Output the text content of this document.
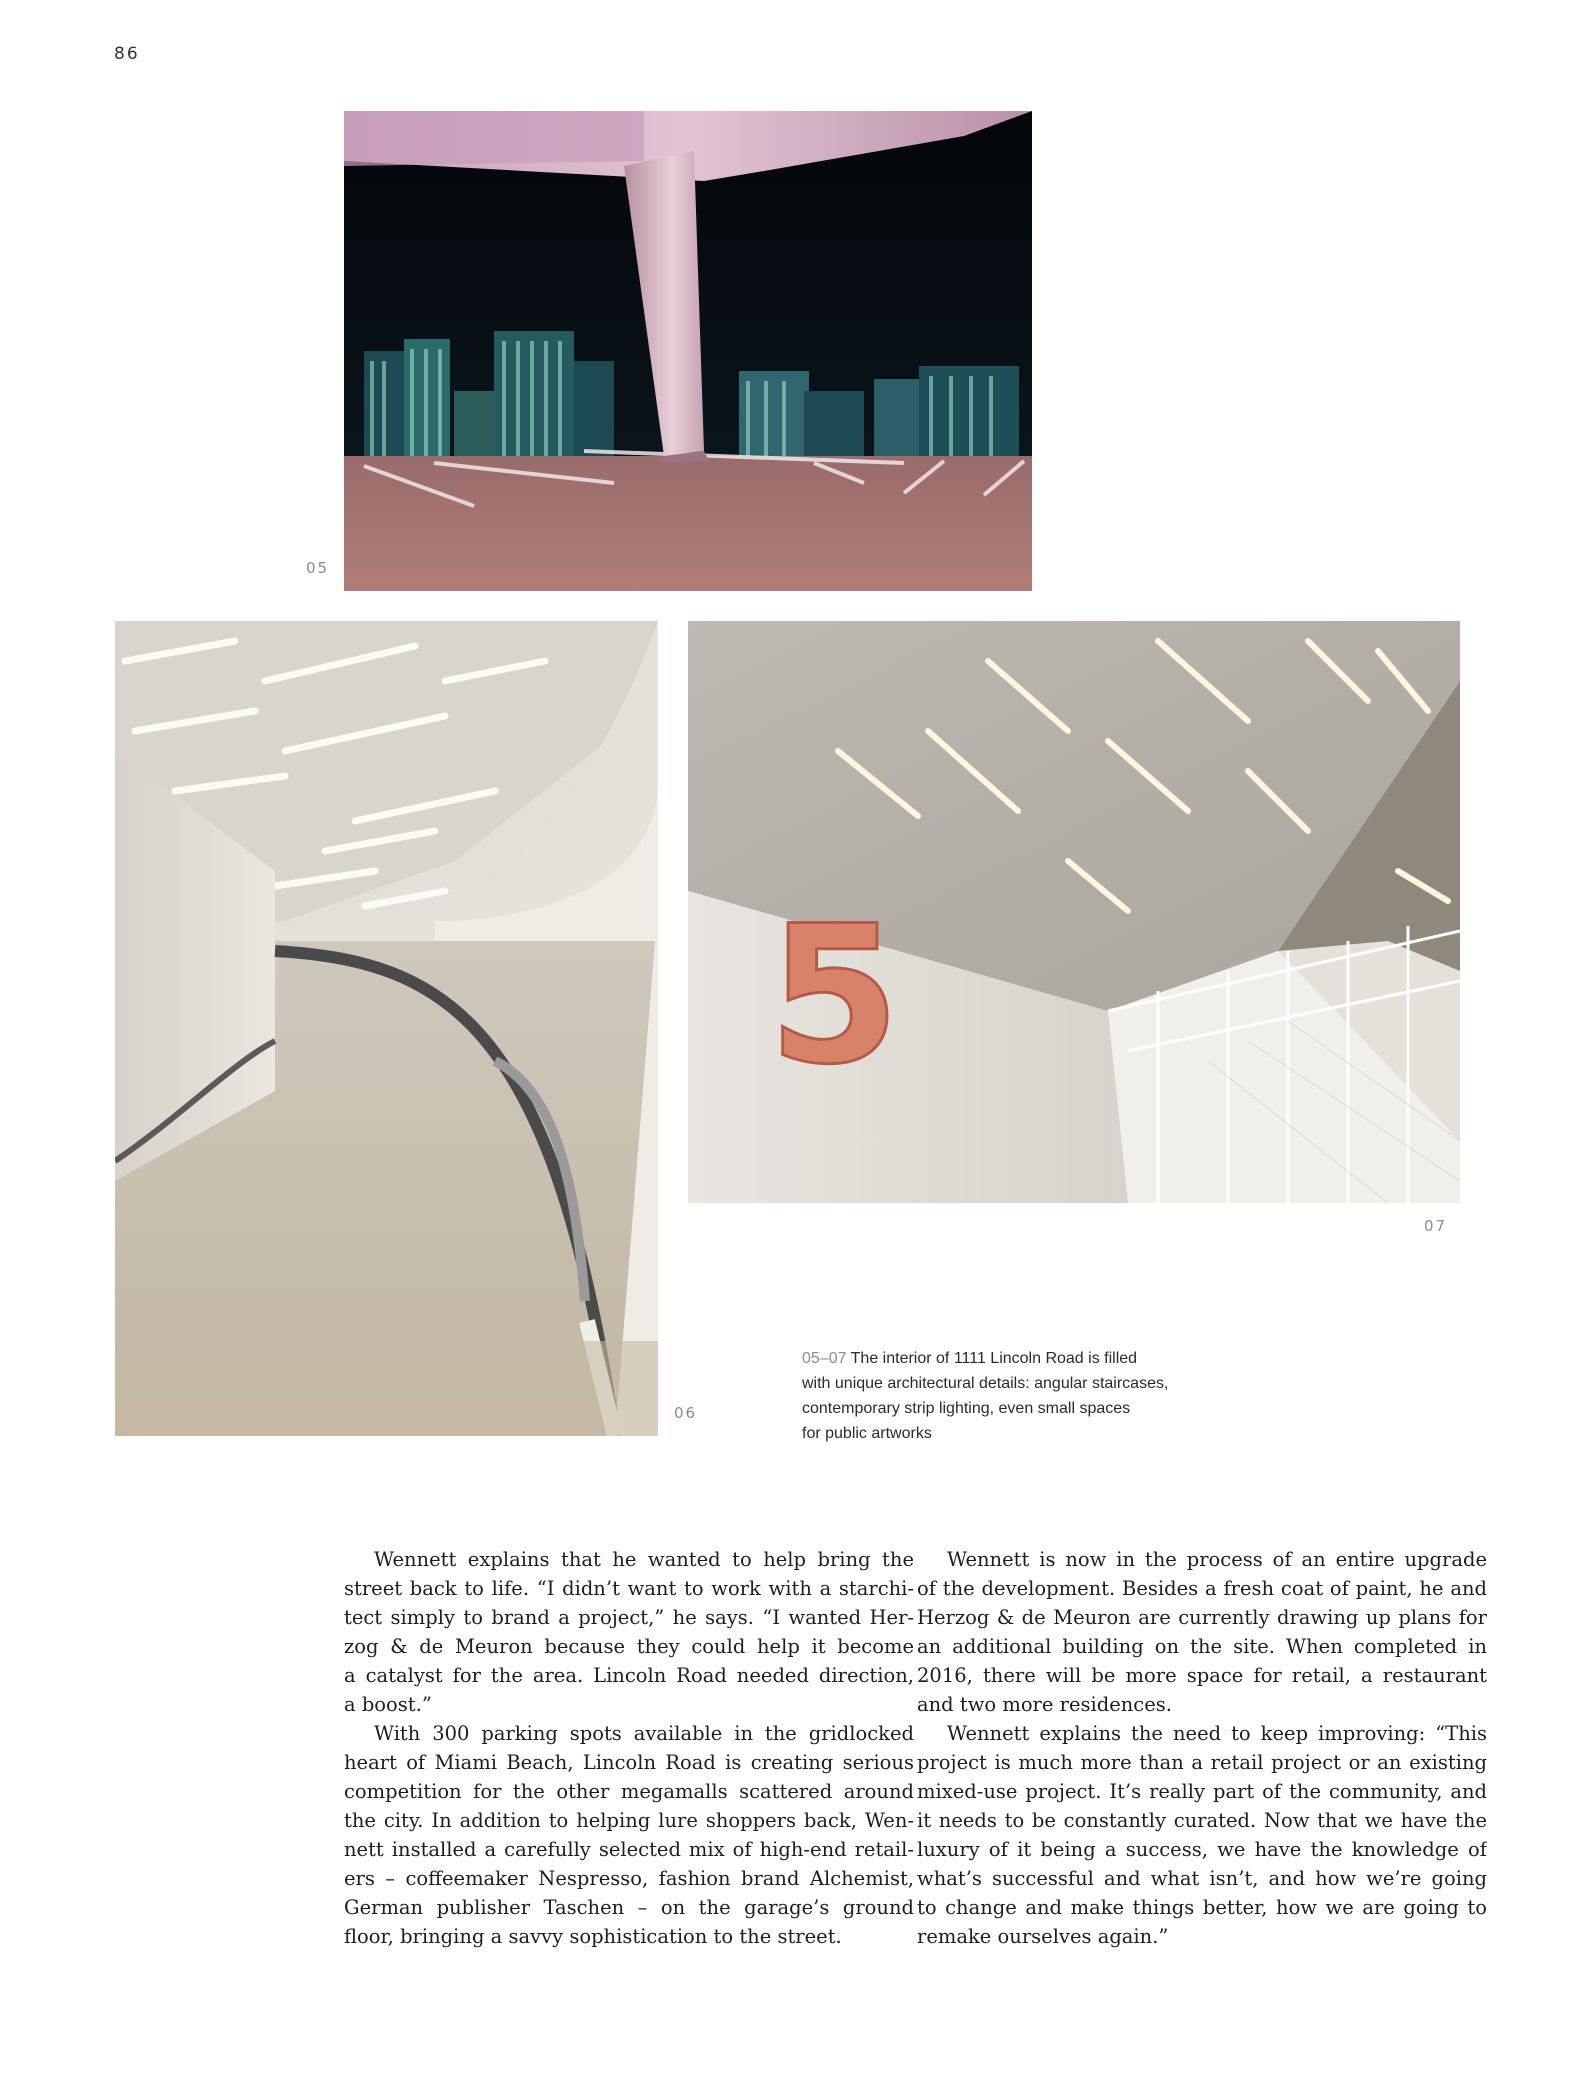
86
05
06
5
07
05–07 The interior of 1111 Lincoln Road is filled
with unique architectural details: angular staircases,
contemporary strip lighting, even small spaces
for public artworks
Wennett explains that he wanted to help bring the
street back to life. “I didn’t want to work with a starchi-
tect simply to brand a project,” he says. “I wanted Her-
zog & de Meuron because they could help it become
a catalyst for the area. Lincoln Road needed direction,
a boost.”
With 300 parking spots available in the gridlocked
heart of Miami Beach, Lincoln Road is creating serious
competition for the other megamalls scattered around
the city. In addition to helping lure shoppers back, Wen-
nett installed a carefully selected mix of high-end retail-
ers – coffeemaker Nespresso, fashion brand Alchemist,
German publisher Taschen – on the garage’s ground
floor, bringing a savvy sophistication to the street.
Wennett is now in the process of an entire upgrade
of the development. Besides a fresh coat of paint, he and
Herzog & de Meuron are currently drawing up plans for
an additional building on the site. When completed in
2016, there will be more space for retail, a restaurant
and two more residences.
Wennett explains the need to keep improving: “This
project is much more than a retail project or an existing
mixed-use project. It’s really part of the community, and
it needs to be constantly curated. Now that we have the
luxury of it being a success, we have the knowledge of
what’s successful and what isn’t, and how we’re going
to change and make things better, how we are going to
remake ourselves again.”
